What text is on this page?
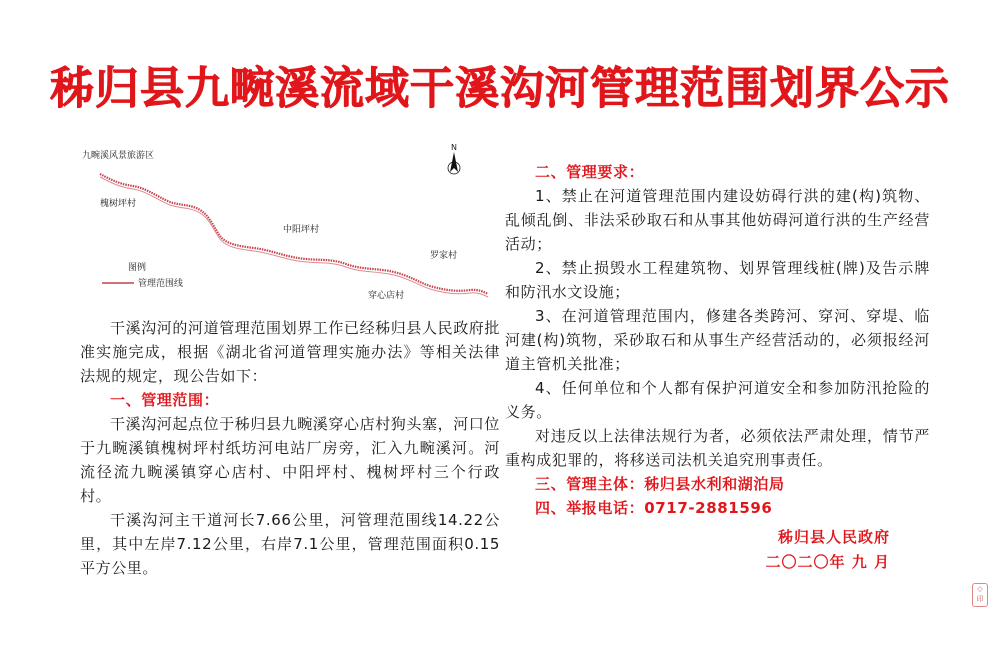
秭归县九畹溪流域干溪沟河管理范围划界公示
九畹溪风景旅游区
槐树坪村
中阳坪村
罗家村
穿心店村
N
图例
管理范围线

干溪沟河的河道管理范围划界工作已经秭归县人民政府批准实施完成，根据《湖北省河道管理实施办法》等相关法律法规的规定，现公告如下：

一、管理范围：

干溪沟河起点位于秭归县九畹溪穿心店村狗头塞，河口位于九畹溪镇槐树坪村纸坊河电站厂房旁，汇入九畹溪河。河流径流九畹溪镇穿心店村、中阳坪村、槐树坪村三个行政村。

干溪沟河主干道河长7.66公里，河管理范围线14.22公里，其中左岸7.12公里，右岸7.1公里，管理范围面积0.15平方公里。

二、管理要求：

1、禁止在河道管理范围内建设妨碍行洪的建(构)筑物、乱倾乱倒、非法采砂取石和从事其他妨碍河道行洪的生产经营活动；

2、禁止损毁水工程建筑物、划界管理线桩(牌)及告示牌和防汛水文设施；

3、在河道管理范围内，修建各类跨河、穿河、穿堤、临河建(构)筑物，采砂取石和从事生产经营活动的，必须报经河道主管机关批准；

4、任何单位和个人都有保护河道安全和参加防汛抢险的义务。

对违反以上法律法规行为者，必须依法严肃处理，情节严重构成犯罪的，将移送司法机关追究刑事责任。

三、管理主体：秭归县水利和湖泊局

四、举报电话：0717-2881596

秭归县人民政府
二〇二〇年 九 月
◇
印
